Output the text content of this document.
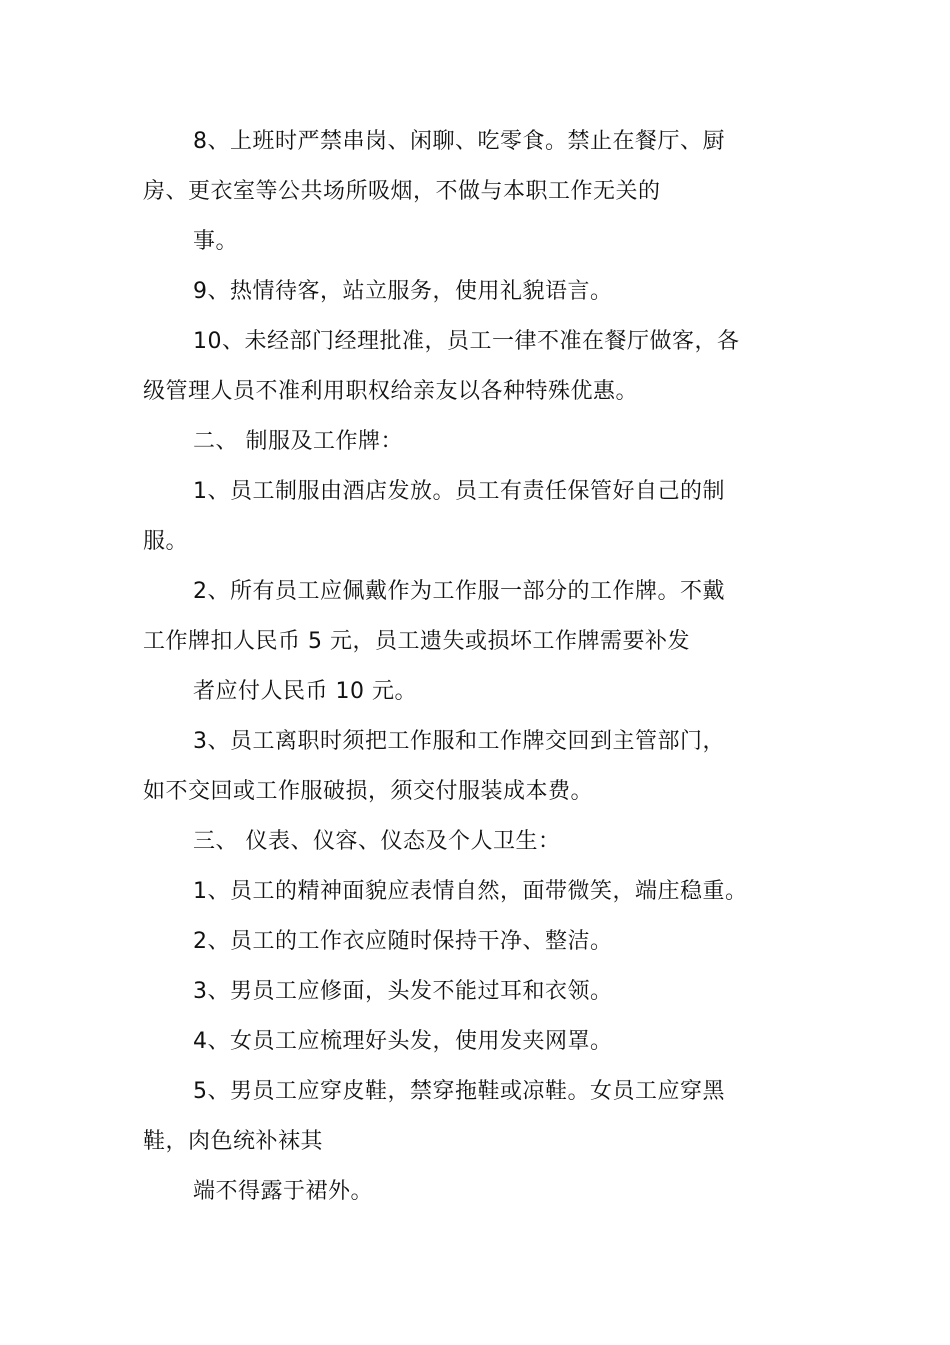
8、上班时严禁串岗、闲聊、吃零食。禁止在餐厅、厨
房、更衣室等公共场所吸烟，不做与本职工作无关的
事。
9、热情待客，站立服务，使用礼貌语言。
10、未经部门经理批准，员工一律不准在餐厅做客，各
级管理人员不准利用职权给亲友以各种特殊优惠。
二、 制服及工作牌：
1、员工制服由酒店发放。员工有责任保管好自己的制
服。
2、所有员工应佩戴作为工作服一部分的工作牌。不戴
工作牌扣人民币 5 元，员工遗失或损坏工作牌需要补发
者应付人民币 10 元。
3、员工离职时须把工作服和工作牌交回到主管部门，
如不交回或工作服破损，须交付服装成本费。
三、 仪表、仪容、仪态及个人卫生：
1、员工的精神面貌应表情自然，面带微笑，端庄稳重。
2、员工的工作衣应随时保持干净、整洁。
3、男员工应修面，头发不能过耳和衣领。
4、女员工应梳理好头发，使用发夹网罩。
5、男员工应穿皮鞋，禁穿拖鞋或凉鞋。女员工应穿黑
鞋，肉色统补袜其
端不得露于裙外。
